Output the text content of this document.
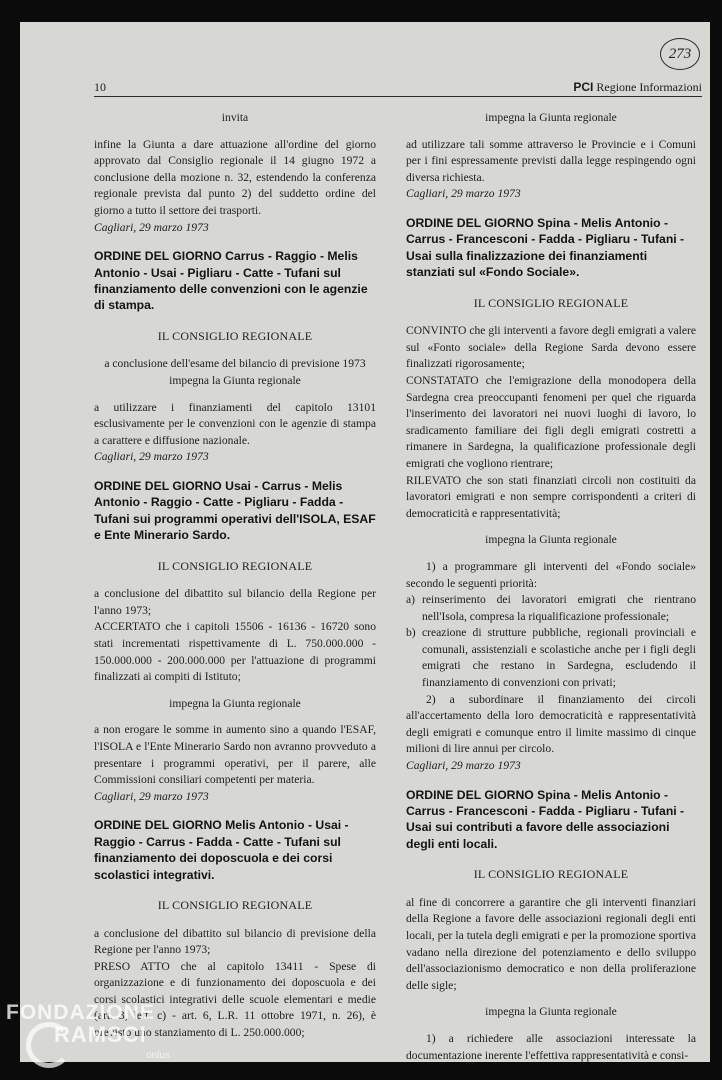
273
10	PCI Regione Informazioni

invita

infine la Giunta a dare attuazione all'ordine del giorno approvato dal Consiglio regionale il 14 giugno 1972 a conclusione della mozione n. 32, estendendo la conferenza regionale prevista dal punto 2) del suddetto ordine del giorno a tutto il settore dei trasporti.

Cagliari, 29 marzo 1973

ORDINE DEL GIORNO Carrus - Raggio - Melis Antonio - Usai - Pigliaru - Catte - Tufani sul finanziamento delle convenzioni con le agenzie di stampa.

IL CONSIGLIO REGIONALE

a conclusione dell'esame del bilancio di previsione 1973

impegna la Giunta regionale

a utilizzare i finanziamenti del capitolo 13101 esclusivamente per le convenzioni con le agenzie di stampa a carattere e diffusione nazionale.

Cagliari, 29 marzo 1973

ORDINE DEL GIORNO Usai - Carrus - Melis Antonio - Raggio - Catte - Pigliaru - Fadda - Tufani sui programmi operativi dell'ISOLA, ESAF e Ente Minerario Sardo.

IL CONSIGLIO REGIONALE

a conclusione del dibattito sul bilancio della Regione per l'anno 1973;

ACCERTATO che i capitoli 15506 - 16136 - 16720 sono stati incrementati rispettivamente di L. 750.000.000 - 150.000.000 - 200.000.000 per l'attuazione di programmi finalizzati ai compiti di Istituto;

impegna la Giunta regionale

a non erogare le somme in aumento sino a quando l'ESAF, l'ISOLA e l'Ente Minerario Sardo non avranno provveduto a presentare i programmi operativi, per il parere, alle Commissioni consiliari competenti per materia.

Cagliari, 29 marzo 1973

ORDINE DEL GIORNO Melis Antonio - Usai - Raggio - Carrus - Fadda - Catte - Tufani sul finanziamento dei doposcuola e dei corsi scolastici integrativi.

IL CONSIGLIO REGIONALE

a conclusione del dibattito sul bilancio di previsione della Regione per l'anno 1973;

PRESO ATTO che al capitolo 13411 - Spese di organizzazione e di funzionamento dei doposcuola e dei corsi scolastici integrativi delle scuole elementari e medie (art. 3, lett. c) - art. 6, L.R. 11 ottobre 1971, n. 26), è previsto uno stanziamento di L. 250.000.000;

impegna la Giunta regionale

ad utilizzare tali somme attraverso le Provincie e i Comuni per i fini espressamente previsti dalla legge respingendo ogni diversa richiesta.

Cagliari, 29 marzo 1973

ORDINE DEL GIORNO Spina - Melis Antonio - Carrus - Francesconi - Fadda - Pigliaru - Tufani - Usai sulla finalizzazione dei finanziamenti stanziati sul «Fondo Sociale».

IL CONSIGLIO REGIONALE

CONVINTO che gli interventi a favore degli emigrati a valere sul «Fonto sociale» della Regione Sarda devono essere finalizzati rigorosamente;

CONSTATATO che l'emigrazione della monodopera della Sardegna crea preoccupanti fenomeni per quel che riguarda l'inserimento dei lavoratori nei nuovi luoghi di lavoro, lo sradicamento familiare dei figli degli emigrati costretti a rimanere in Sardegna, la qualificazione professionale degli emigrati che vogliono rientrare;

RILEVATO che son stati finanziati circoli non costituiti da lavoratori emigrati e non sempre corrispondenti a criteri di democraticità e rappresentatività;

impegna la Giunta regionale

1) a programmare gli interventi del «Fondo sociale» secondo le seguenti priorità:

a) reinserimento dei lavoratori emigrati che rientrano nell'Isola, compresa la riqualificazione professionale;
b) creazione di strutture pubbliche, regionali provinciali e comunali, assistenziali e scolastiche anche per i figli degli emigrati che restano in Sardegna, escludendo il finanziamento di convenzioni con privati;

2) a subordinare il finanziamento dei circoli all'accertamento della loro democraticità e rappresentatività degli emigrati e comunque entro il limite massimo di cinque milioni di lire annui per circolo.

Cagliari, 29 marzo 1973

ORDINE DEL GIORNO Spina - Melis Antonio - Carrus - Francesconi - Fadda - Pigliaru - Tufani - Usai sui contributi a favore delle associazioni degli enti locali.

IL CONSIGLIO REGIONALE

al fine di concorrere a garantire che gli interventi finanziari della Regione a favore delle associazioni regionali degli enti locali, per la tutela degli emigrati e per la promozione sportiva vadano nella direzione del potenziamento e dello sviluppo dell'associazionismo democratico e non della proliferazione delle sigle;

impegna la Giunta regionale

1) a richiedere alle associazioni interessate la documentazione inerente l'effettiva rappresentatività e consi-

FONDAZIONE
RAMSCI
onlus
